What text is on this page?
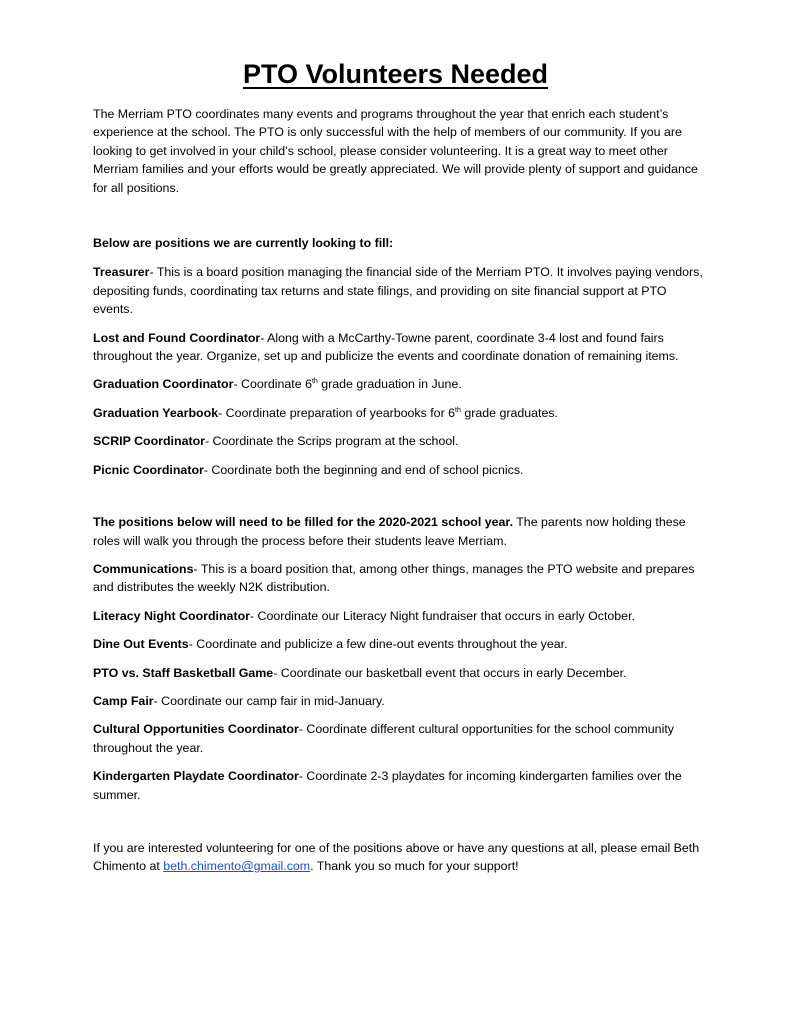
PTO Volunteers Needed

The Merriam PTO coordinates many events and programs throughout the year that enrich each student’s experience at the school. The PTO is only successful with the help of members of our community. If you are looking to get involved in your child’s school, please consider volunteering. It is a great way to meet other Merriam families and your efforts would be greatly appreciated. We will provide plenty of support and guidance for all positions.

Below are positions we are currently looking to fill:

Treasurer- This is a board position managing the financial side of the Merriam PTO. It involves paying vendors, depositing funds, coordinating tax returns and state filings, and providing on site financial support at PTO events.

Lost and Found Coordinator- Along with a McCarthy-Towne parent, coordinate 3-4 lost and found fairs throughout the year. Organize, set up and publicize the events and coordinate donation of remaining items.

Graduation Coordinator- Coordinate 6th grade graduation in June.

Graduation Yearbook- Coordinate preparation of yearbooks for 6th grade graduates.

SCRIP Coordinator- Coordinate the Scrips program at the school.

Picnic Coordinator- Coordinate both the beginning and end of school picnics.

The positions below will need to be filled for the 2020-2021 school year. The parents now holding these roles will walk you through the process before their students leave Merriam.

Communications- This is a board position that, among other things, manages the PTO website and prepares and distributes the weekly N2K distribution.

Literacy Night Coordinator- Coordinate our Literacy Night fundraiser that occurs in early October.

Dine Out Events- Coordinate and publicize a few dine-out events throughout the year.

PTO vs. Staff Basketball Game- Coordinate our basketball event that occurs in early December.

Camp Fair- Coordinate our camp fair in mid-January.

Cultural Opportunities Coordinator- Coordinate different cultural opportunities for the school community throughout the year.

Kindergarten Playdate Coordinator- Coordinate 2-3 playdates for incoming kindergarten families over the summer.

If you are interested volunteering for one of the positions above or have any questions at all, please email Beth Chimento at beth.chimento@gmail.com. Thank you so much for your support!
